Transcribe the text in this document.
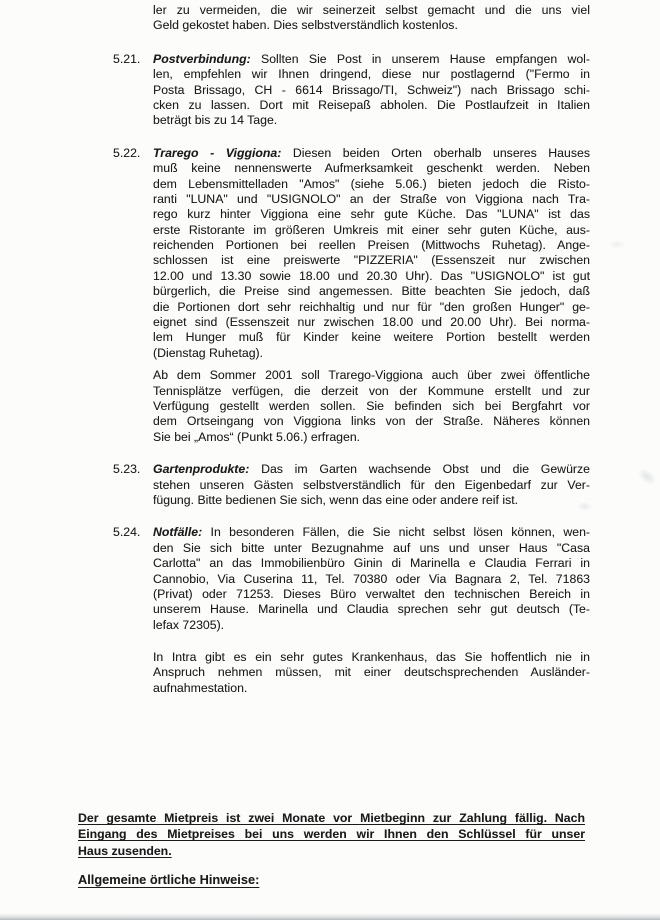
ler zu vermeiden, die wir seinerzeit selbst gemacht und die uns viel
Geld gekostet haben. Dies selbstverständlich kostenlos.
5.21.	Postverbindung: Sollten Sie Post in unserem Hause empfangen wol-
len, empfehlen wir Ihnen dringend, diese nur postlagernd ("Fermo in
Posta Brissago, CH - 6614 Brissago/TI, Schweiz") nach Brissago schi-
cken zu lassen. Dort mit Reisepaß abholen. Die Postlaufzeit in Italien
beträgt bis zu 14 Tage.
5.22.	Trarego - Viggiona: Diesen beiden Orten oberhalb unseres Hauses
muß keine nennenswerte Aufmerksamkeit geschenkt werden. Neben
dem Lebensmittelladen "Amos" (siehe 5.06.) bieten jedoch die Risto-
ranti "LUNA" und "USIGNOLO" an der Straße von Viggiona nach Tra-
rego kurz hinter Viggiona eine sehr gute Küche. Das "LUNA" ist das
erste Ristorante im größeren Umkreis mit einer sehr guten Küche, aus-
reichenden Portionen bei reellen Preisen (Mittwochs Ruhetag). Ange-
schlossen ist eine preiswerte "PIZZERIA" (Essenszeit nur zwischen
12.00 und 13.30 sowie 18.00 und 20.30 Uhr). Das "USIGNOLO" ist gut
bürgerlich, die Preise sind angemessen. Bitte beachten Sie jedoch, daß
die Portionen dort sehr reichhaltig und nur für "den großen Hunger" ge-
eignet sind (Essenszeit nur zwischen 18.00 und 20.00 Uhr). Bei norma-
lem Hunger muß für Kinder keine weitere Portion bestellt werden
(Dienstag Ruhetag).
Ab dem Sommer 2001 soll Trarego-Viggiona auch über zwei öffentliche
Tennisplätze verfügen, die derzeit von der Kommune erstellt und zur
Verfügung gestellt werden sollen. Sie befinden sich bei Bergfahrt vor
dem Ortseingang von Viggiona links von der Straße. Näheres können
Sie bei „Amos“ (Punkt 5.06.) erfragen.
5.23.	Gartenprodukte: Das im Garten wachsende Obst und die Gewürze
stehen unseren Gästen selbstverständlich für den Eigenbedarf zur Ver-
fügung. Bitte bedienen Sie sich, wenn das eine oder andere reif ist.
5.24.	Notfälle: In besonderen Fällen, die Sie nicht selbst lösen können, wen-
den Sie sich bitte unter Bezugnahme auf uns und unser Haus "Casa
Carlotta" an das Immobilienbüro Ginin di Marinella e Claudia Ferrari in
Cannobio, Via Cuserina 11, Tel. 70380 oder Via Bagnara 2, Tel. 71863
(Privat) oder 71253. Dieses Büro verwaltet den technischen Bereich in
unserem Hause. Marinella und Claudia sprechen sehr gut deutsch (Te-
lefax 72305).
In Intra gibt es ein sehr gutes Krankenhaus, das Sie hoffentlich nie in
Anspruch nehmen müssen, mit einer deutschsprechenden Ausländer-
aufnahmestation.
Der gesamte Mietpreis ist zwei Monate vor Mietbeginn zur Zahlung fällig. Nach
Eingang des Mietpreises bei uns werden wir Ihnen den Schlüssel für unser
Haus zusenden.
Allgemeine örtliche Hinweise:
